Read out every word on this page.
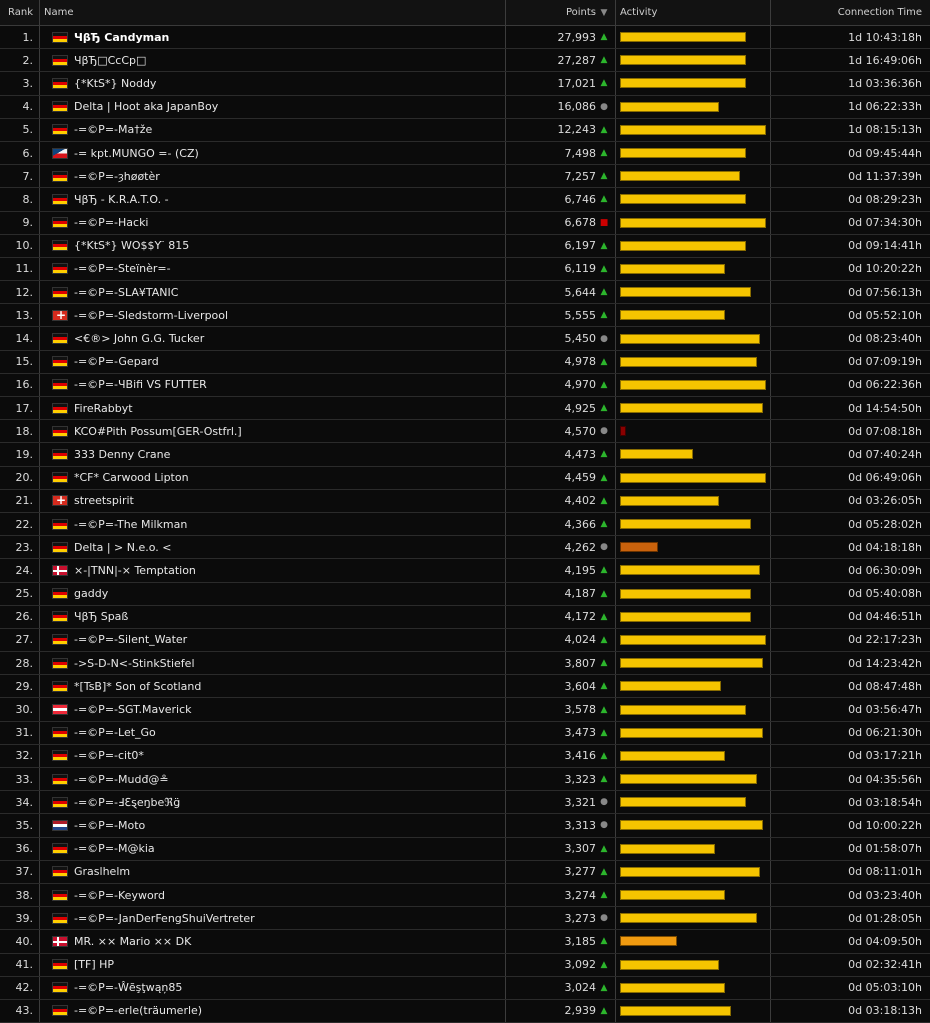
Rank	Name	Points ▼	Activity	Connection Time
1.	ЧβЂ Candyman	27,993 ▲	1d 10:43:18h
2.	ЧβЂ□CcCp□	27,287 ▲	1d 16:49:06h
3.	{*KtS*} Noddy	17,021 ▲	1d 03:36:36h
4.	Delta | Hoot aka JapanBoy	16,086 ●	1d 06:22:33h
5.	-=©P=-Ma†že	12,243 ▲	1d 08:15:13h
6.	-= kpt.MUNGO =- (CZ)	7,498 ▲	0d 09:45:44h
7.	-=©P=-ȝhøøtèr	7,257 ▲	0d 11:37:39h
8.	ЧβЂ - K.R.A.T.O. -	6,746 ▲	0d 08:29:23h
9.	-=©P=-Hacki	6,678 ■	0d 07:34:30h
10.	{*KtS*} WO$$Y ̈ 815	6,197 ▲	0d 09:14:41h
11.	-=©P=-Steïnèr=-	6,119 ▲	0d 10:20:22h
12.	-=©P=-SLA¥TANIC	5,644 ▲	0d 07:56:13h
13. +	-=©P=-Sledstorm-Liverpool	5,555 ▲	0d 05:52:10h
14.	<€®> John G.G. Tucker	5,450 ●	0d 08:23:40h
15.	-=©P=-Gepard	4,978 ▲	0d 07:09:19h
16.	-=©P=-ЧBifi VS FUTTER	4,970 ▲	0d 06:22:36h
17.	FireRabbyt	4,925 ▲	0d 14:54:50h
18.	KCO#Pith Possum[GER-Ostfrl.]	4,570 ●	0d 07:08:18h
19.	333 Denny Crane	4,473 ▲	0d 07:40:24h
20.	*CF* Carwood Lipton	4,459 ▲	0d 06:49:06h
21. +	streetspirit	4,402 ▲	0d 03:26:05h
22.	-=©P=-The Milkman	4,366 ▲	0d 05:28:02h
23.	Delta | > N.e.o. <	4,262 ●	0d 04:18:18h
24.	×-|TNN|-× Temptation	4,195 ▲	0d 06:30:09h
25.	gaddy	4,187 ▲	0d 05:40:08h
26.	ЧβЂ Spaß	4,172 ▲	0d 04:46:51h
27.	-=©P=-Silent_Water	4,024 ▲	0d 22:17:23h
28.	->S-D-N<-StinkStiefel	3,807 ▲	0d 14:23:42h
29.	*[TsB]* Son of Scotland	3,604 ▲	0d 08:47:48h
30.	-=©P=-SGT.Maverick	3,578 ▲	0d 03:56:47h
31.	-=©P=-Let_Go	3,473 ▲	0d 06:21:30h
32.	-=©P=-cit0*	3,416 ▲	0d 03:17:21h
33.	-=©P=-Mudđ@≗	3,323 ▲	0d 04:35:56h
34.	-=©P=-Ⅎℇȿeŋbeℜg̈	3,321 ●	0d 03:18:54h
35.	-=©P=-Moto	3,313 ●	0d 10:00:22h
36.	-=©P=-M@kia	3,307 ▲	0d 01:58:07h
37.	Graslhelm	3,277 ▲	0d 08:11:01h
38.	-=©P=-Keyword	3,274 ▲	0d 03:23:40h
39.	-=©P=-JanDerFengShuiVertreter	3,273 ●	0d 01:28:05h
40.	MR. ×× Mario ×× DK	3,185 ▲	0d 04:09:50h
41.	[TF] HP	3,092 ▲	0d 02:32:41h
42.	-=©P=-Ŵẽşţwąņ85	3,024 ▲	0d 05:03:10h
43.	-=©P=-erle(träumerle)	2,939 ▲	0d 03:18:13h
